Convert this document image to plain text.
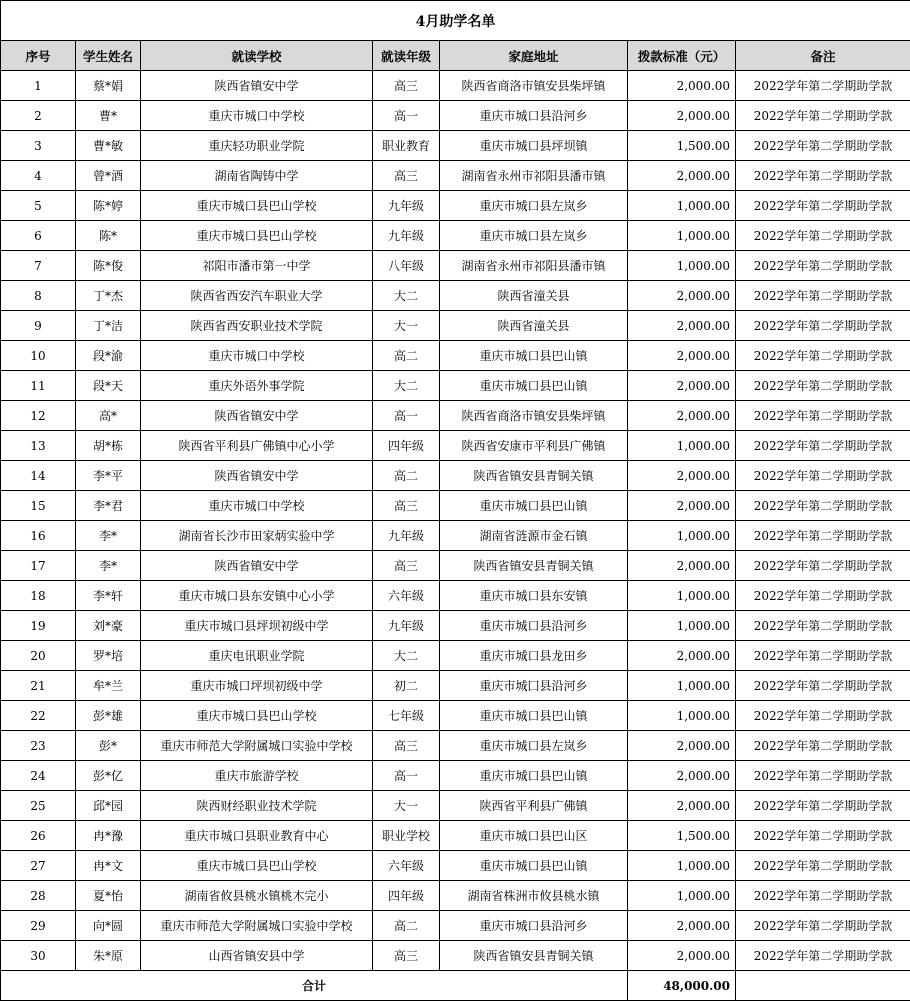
4月助学名单						
序号	学生姓名	就读学校	就读年级	家庭地址	拨款标准（元）	备注
1	蔡*娟	陕西省镇安中学	高三	陕西省商洛市镇安县柴坪镇	2,000.00	2022学年第二学期助学款
2	曹*	重庆市城口中学校	高一	重庆市城口县沿河乡	2,000.00	2022学年第二学期助学款
3	曹*敏	重庆轻功职业学院	职业教育	重庆市城口县坪坝镇	1,500.00	2022学年第二学期助学款
4	曾*酒	湖南省陶铸中学	高三	湖南省永州市祁阳县潘市镇	2,000.00	2022学年第二学期助学款
5	陈*婷	重庆市城口县巴山学校	九年级	重庆市城口县左岚乡	1,000.00	2022学年第二学期助学款
6	陈*	重庆市城口县巴山学校	九年级	重庆市城口县左岚乡	1,000.00	2022学年第二学期助学款
7	陈*俊	祁阳市潘市第一中学	八年级	湖南省永州市祁阳县潘市镇	1,000.00	2022学年第二学期助学款
8	丁*杰	陕西省西安汽车职业大学	大二	陕西省潼关县	2,000.00	2022学年第二学期助学款
9	丁*洁	陕西省西安职业技术学院	大一	陕西省潼关县	2,000.00	2022学年第二学期助学款
10	段*渝	重庆市城口中学校	高二	重庆市城口县巴山镇	2,000.00	2022学年第二学期助学款
11	段*天	重庆外语外事学院	大二	重庆市城口县巴山镇	2,000.00	2022学年第二学期助学款
12	高*	陕西省镇安中学	高一	陕西省商洛市镇安县柴坪镇	2,000.00	2022学年第二学期助学款
13	胡*栋	陕西省平利县广佛镇中心小学	四年级	陕西省安康市平利县广佛镇	1,000.00	2022学年第二学期助学款
14	李*平	陕西省镇安中学	高二	陕西省镇安县青铜关镇	2,000.00	2022学年第二学期助学款
15	李*君	重庆市城口中学校	高三	重庆市城口县巴山镇	2,000.00	2022学年第二学期助学款
16	李*	湖南省长沙市田家炳实验中学	九年级	湖南省涟源市金石镇	1,000.00	2022学年第二学期助学款
17	李*	陕西省镇安中学	高三	陕西省镇安县青铜关镇	2,000.00	2022学年第二学期助学款
18	李*轩	重庆市城口县东安镇中心小学	六年级	重庆市城口县东安镇	1,000.00	2022学年第二学期助学款
19	刘*豪	重庆市城口县坪坝初级中学	九年级	重庆市城口县沿河乡	1,000.00	2022学年第二学期助学款
20	罗*培	重庆电讯职业学院	大二	重庆市城口县龙田乡	2,000.00	2022学年第二学期助学款
21	牟*兰	重庆市城口坪坝初级中学	初二	重庆市城囗县沿河乡	1,000.00	2022学年第二学期助学款
22	彭*雄	重庆市城口县巴山学校	七年级	重庆市城口县巴山镇	1,000.00	2022学年第二学期助学款
23	彭*	重庆市师范大学附属城口实验中学校	高三	重庆市城口县左岚乡	2,000.00	2022学年第二学期助学款
24	彭*亿	重庆市旅游学校	高一	重庆市城口县巴山镇	2,000.00	2022学年第二学期助学款
25	邱*园	陕西财经职业技术学院	大一	陕西省平利县广佛镇	2,000.00	2022学年第二学期助学款
26	冉*豫	重庆市城口县职业教育中心	职业学校	重庆市城口县巴山区	1,500.00	2022学年第二学期助学款
27	冉*文	重庆市城口县巴山学校	六年级	重庆市城口县巴山镇	1,000.00	2022学年第二学期助学款
28	夏*怡	湖南省攸县桃水镇桃木完小	四年级	湖南省株洲市攸县桃水镇	1,000.00	2022学年第二学期助学款
29	向*圆	重庆市师范大学附属城口实验中学校	高二	重庆市城口县沿河乡	2,000.00	2022学年第二学期助学款
30	朱*原	山西省镇安县中学	高三	陕西省镇安县青铜关镇	2,000.00	2022学年第二学期助学款
合计					48,000.00	
